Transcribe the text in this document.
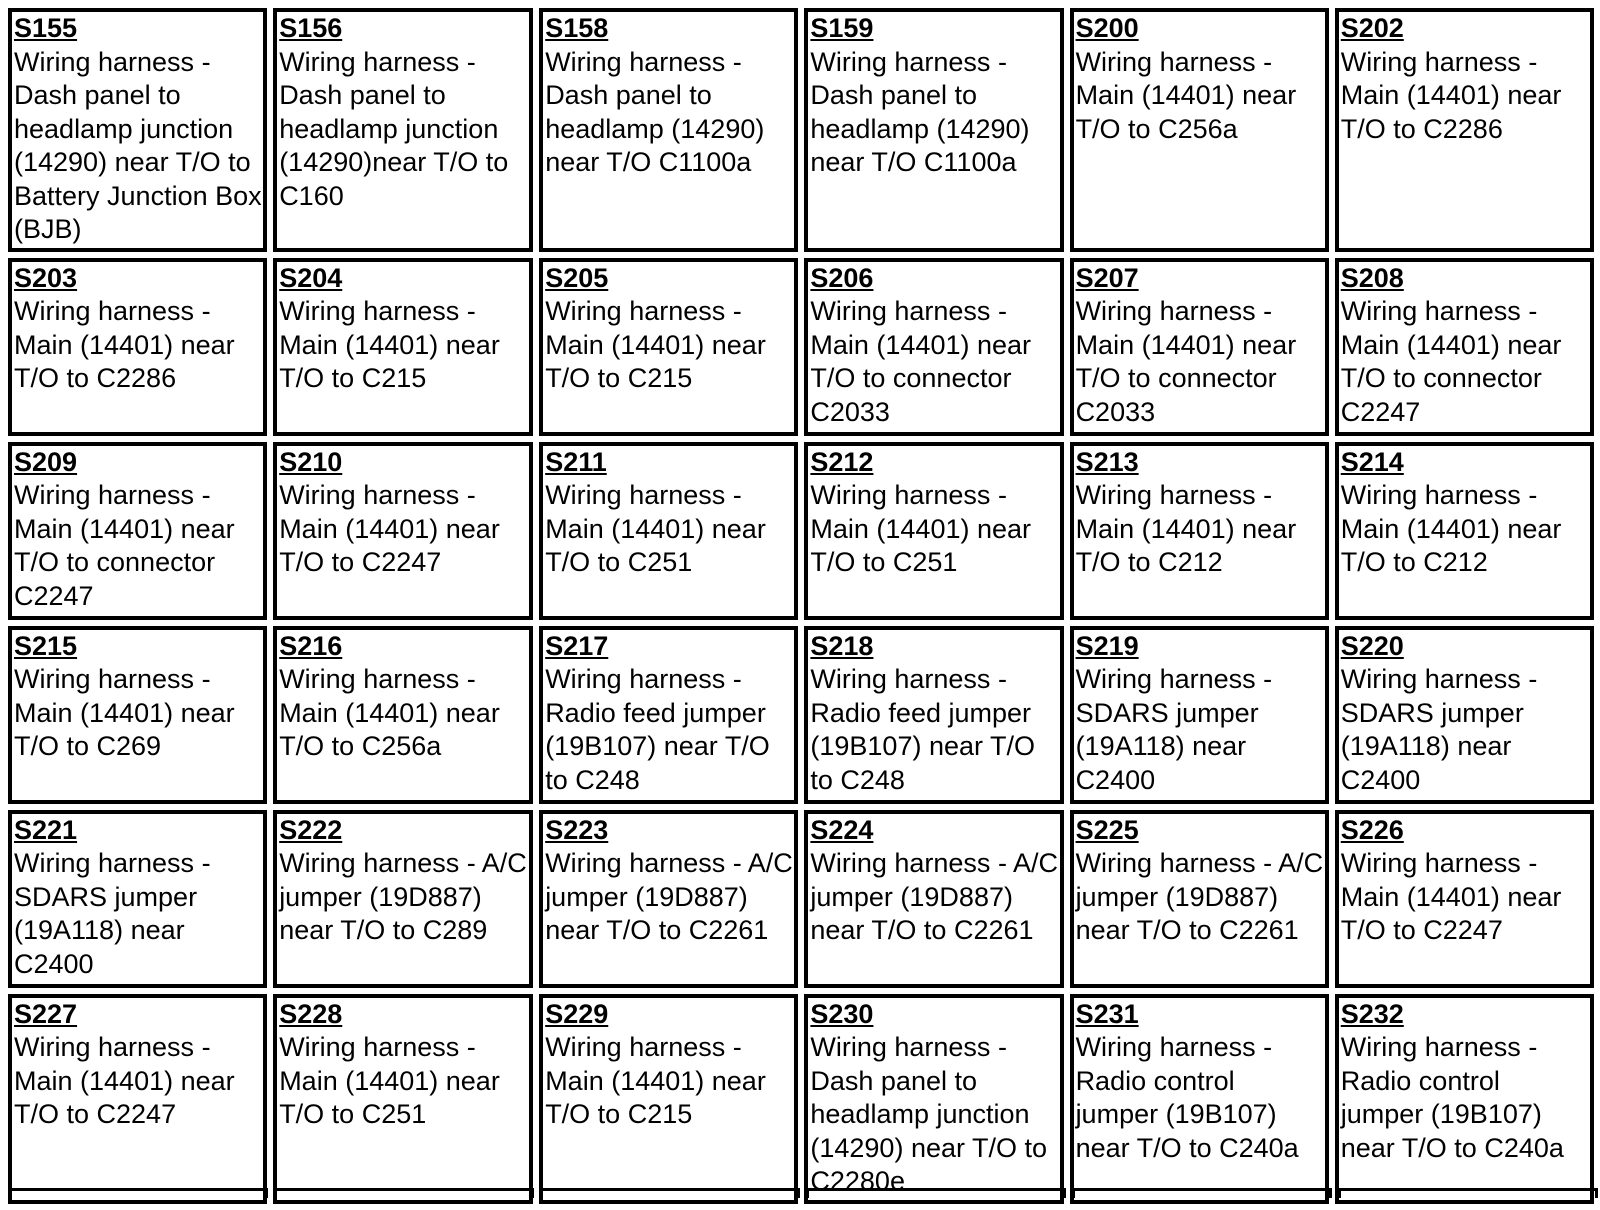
S155
Wiring harness - Dash panel to headlamp junction (14290) near T/O to Battery Junction Box (BJB)	S156
Wiring harness - Dash panel to headlamp junction (14290)near T/O to C160	S158
Wiring harness - Dash panel to headlamp (14290) near T/O C1100a	S159
Wiring harness - Dash panel to headlamp (14290) near T/O C1100a	S200
Wiring harness - Main (14401) near T/O to C256a	S202
Wiring harness - Main (14401) near T/O to C2286

S203
Wiring harness - Main (14401) near T/O to C2286	S204
Wiring harness - Main (14401) near T/O to C215	S205
Wiring harness - Main (14401) near T/O to C215	S206
Wiring harness - Main (14401) near T/O to connector C2033	S207
Wiring harness - Main (14401) near T/O to connector C2033	S208
Wiring harness - Main (14401) near T/O to connector C2247

S209
Wiring harness - Main (14401) near T/O to connector C2247	S210
Wiring harness - Main (14401) near T/O to C2247	S211
Wiring harness - Main (14401) near T/O to C251	S212
Wiring harness - Main (14401) near T/O to C251	S213
Wiring harness - Main (14401) near T/O to C212	S214
Wiring harness - Main (14401) near T/O to C212

S215
Wiring harness - Main (14401) near T/O to C269	S216
Wiring harness - Main (14401) near T/O to C256a	S217
Wiring harness - Radio feed jumper (19B107) near T/O to C248	S218
Wiring harness - Radio feed jumper (19B107) near T/O to C248	S219
Wiring harness - SDARS jumper (19A118) near C2400	S220
Wiring harness - SDARS jumper (19A118) near C2400

S221
Wiring harness - SDARS jumper (19A118) near C2400	S222
Wiring harness - A/C jumper (19D887) near T/O to C289	S223
Wiring harness - A/C jumper (19D887) near T/O to C2261	S224
Wiring harness - A/C jumper (19D887) near T/O to C2261	S225
Wiring harness - A/C jumper (19D887) near T/O to C2261	S226
Wiring harness - Main (14401) near T/O to C2247

S227
Wiring harness - Main (14401) near T/O to C2247	S228
Wiring harness - Main (14401) near T/O to C251	S229
Wiring harness - Main (14401) near T/O to C215	S230
Wiring harness - Dash panel to headlamp junction (14290) near T/O to C2280e	S231
Wiring harness - Radio control jumper (19B107) near T/O to C240a	S232
Wiring harness - Radio control jumper (19B107) near T/O to C240a
